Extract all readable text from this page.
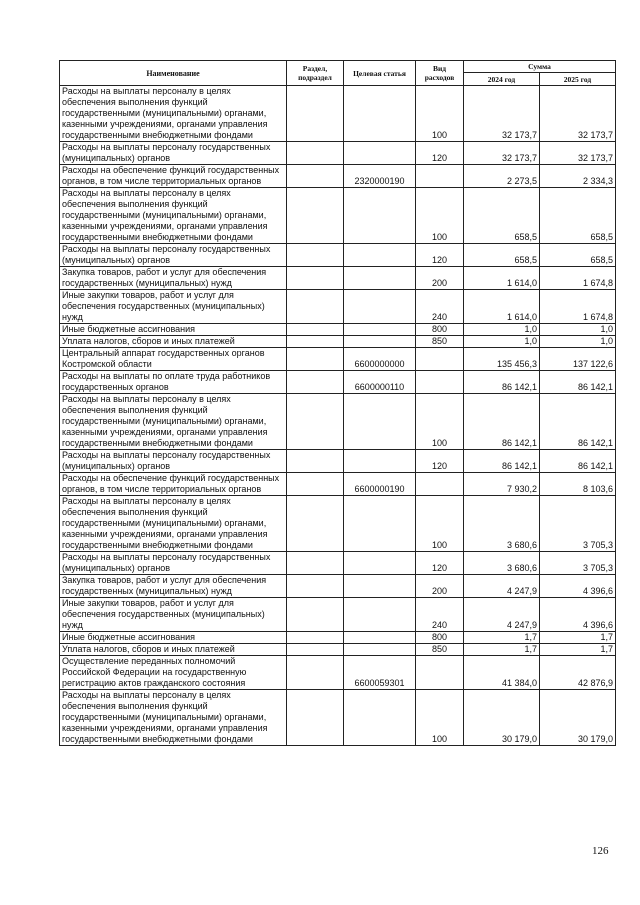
Наименование	Раздел, подраздел	Целевая статья	Вид расходов	Сумма	
				2024 год	2025 год
Расходы на выплаты персоналу в целях обеспечения выполнения функций государственными (муниципальными) органами, казенными учреждениями, органами управления государственными внебюджетными фондами			100	32 173,7	32 173,7
Расходы на выплаты персоналу государственных (муниципальных) органов			120	32 173,7	32 173,7
Расходы на обеспечение функций государственных органов, в том числе территориальных органов		2320000190		2 273,5	2 334,3
Расходы на выплаты персоналу в целях обеспечения выполнения функций государственными (муниципальными) органами, казенными учреждениями, органами управления государственными внебюджетными фондами			100	658,5	658,5
Расходы на выплаты персоналу государственных (муниципальных) органов			120	658,5	658,5
Закупка товаров, работ и услуг для обеспечения государственных (муниципальных) нужд			200	1 614,0	1 674,8
Иные закупки товаров, работ и услуг для обеспечения государственных (муниципальных) нужд			240	1 614,0	1 674,8
Иные бюджетные ассигнования			800	1,0	1,0
Уплата налогов, сборов и иных платежей			850	1,0	1,0
Центральный аппарат государственных органов Костромской области		6600000000		135 456,3	137 122,6
Расходы на выплаты по оплате труда работников государственных органов		6600000110		86 142,1	86 142,1
Расходы на выплаты персоналу в целях обеспечения выполнения функций государственными (муниципальными) органами, казенными учреждениями, органами управления государственными внебюджетными фондами			100	86 142,1	86 142,1
Расходы на выплаты персоналу государственных (муниципальных) органов			120	86 142,1	86 142,1
Расходы на обеспечение функций государственных органов, в том числе территориальных органов		6600000190		7 930,2	8 103,6
Расходы на выплаты персоналу в целях обеспечения выполнения функций государственными (муниципальными) органами, казенными учреждениями, органами управления государственными внебюджетными фондами			100	3 680,6	3 705,3
Расходы на выплаты персоналу государственных (муниципальных) органов			120	3 680,6	3 705,3
Закупка товаров, работ и услуг для обеспечения государственных (муниципальных) нужд			200	4 247,9	4 396,6
Иные закупки товаров, работ и услуг для обеспечения государственных (муниципальных) нужд			240	4 247,9	4 396,6
Иные бюджетные ассигнования			800	1,7	1,7
Уплата налогов, сборов и иных платежей			850	1,7	1,7
Осуществление переданных полномочий Российской Федерации на государственную регистрацию актов гражданского состояния		6600059301		41 384,0	42 876,9
Расходы на выплаты персоналу в целях обеспечения выполнения функций государственными (муниципальными) органами, казенными учреждениями, органами управления государственными внебюджетными фондами			100	30 179,0	30 179,0
126
